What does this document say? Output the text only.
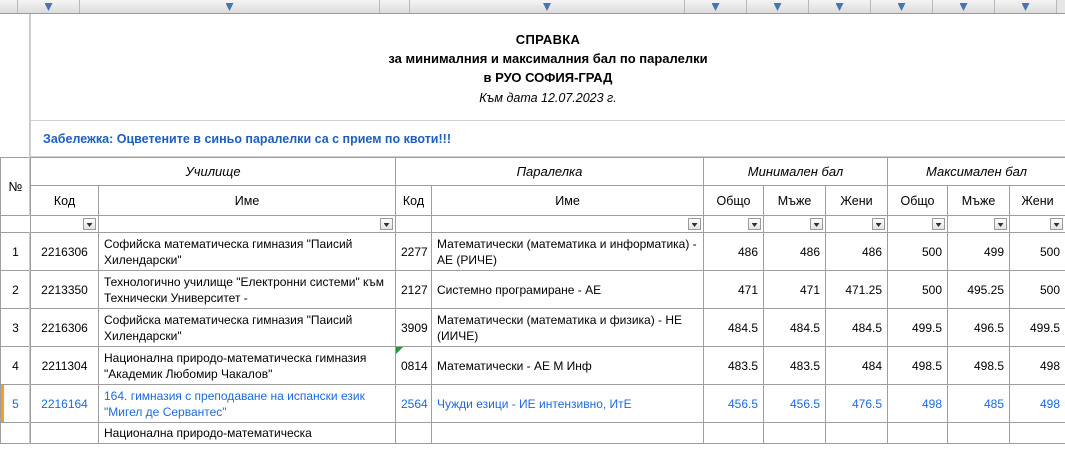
СПРАВКА
за минималния и максималния бал по паралелки
в РУО СОФИЯ-ГРАД
Към дата 12.07.2023 г.
Забележка: Оцветените в синьо паралелки са с прием по квоти!!!
№	Училище		Паралелка		Минимален бал			Максимален бал		
	Код	Име	Код	Име	Общо	Мъже	Жени	Общо	Мъже	Жени

1	2216306	Софийска математическа гимназия "Паисий Хилендарски"	2277	Математически (математика и информатика) - АЕ (РИЧЕ)	486	486	486	500	499	500
2	2213350	Технологично училище "Електронни системи" към Технически Университет -	2127	Системно програмиране - АЕ	471	471	471.25	500	495.25	500
3	2216306	Софийска математическа гимназия "Паисий Хилендарски"	3909	Математически (математика и физика) - НЕ (ИИЧЕ)	484.5	484.5	484.5	499.5	496.5	499.5
4	2211304	Национална природо-математическа гимназия "Академик Любомир Чакалов"	0814	Математически - АЕ М Инф	483.5	483.5	484	498.5	498.5	498
5	2216164	164. гимназия с преподаване на испански език "Мигел де Сервантес"	2564	Чужди езици - ИЕ интензивно, ИтЕ	456.5	456.5	476.5	498	485	498
		Национална природо-математическа								
